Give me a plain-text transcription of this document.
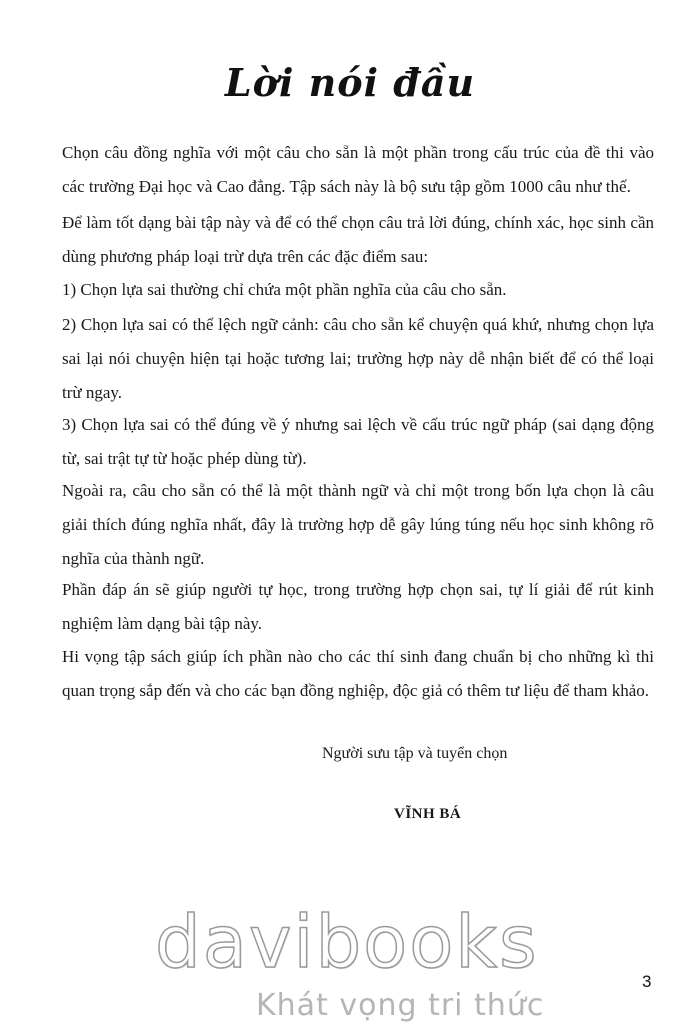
Lời nói đầu
Chọn câu đồng nghĩa với một câu cho sẵn là một phần trong cấu trúc của đề thi vào các trường Đại học và Cao đẳng. Tập sách này là bộ sưu tập gồm 1000 câu như thế.
Để làm tốt dạng bài tập này và để có thể chọn câu trả lời đúng, chính xác, học sinh cần dùng phương pháp loại trừ dựa trên các đặc điểm sau:
1) Chọn lựa sai thường chỉ chứa một phần nghĩa của câu cho sẵn.
2) Chọn lựa sai có thể lệch ngữ cảnh: câu cho sẵn kể chuyện quá khứ, nhưng chọn lựa sai lại nói chuyện hiện tại hoặc tương lai; trường hợp này dễ nhận biết để có thể loại trừ ngay.
3) Chọn lựa sai có thể đúng về ý nhưng sai lệch về cấu trúc ngữ pháp (sai dạng động từ, sai trật tự từ hoặc phép dùng từ).
Ngoài ra, câu cho sẵn có thể là một thành ngữ và chỉ một trong bốn lựa chọn là câu giải thích đúng nghĩa nhất, đây là trường hợp dễ gây lúng túng nếu học sinh không rõ nghĩa của thành ngữ.
Phần đáp án sẽ giúp người tự học, trong trường hợp chọn sai, tự lí giải để rút kinh nghiệm làm dạng bài tập này.
Hi vọng tập sách giúp ích phần nào cho các thí sinh đang chuẩn bị cho những kì thi quan trọng sắp đến và cho các bạn đồng nghiệp, độc giả có thêm tư liệu để tham khảo.
Người sưu tập và tuyển chọn
VĨNH BÁ
davibooks
Khát vọng tri thức
3
